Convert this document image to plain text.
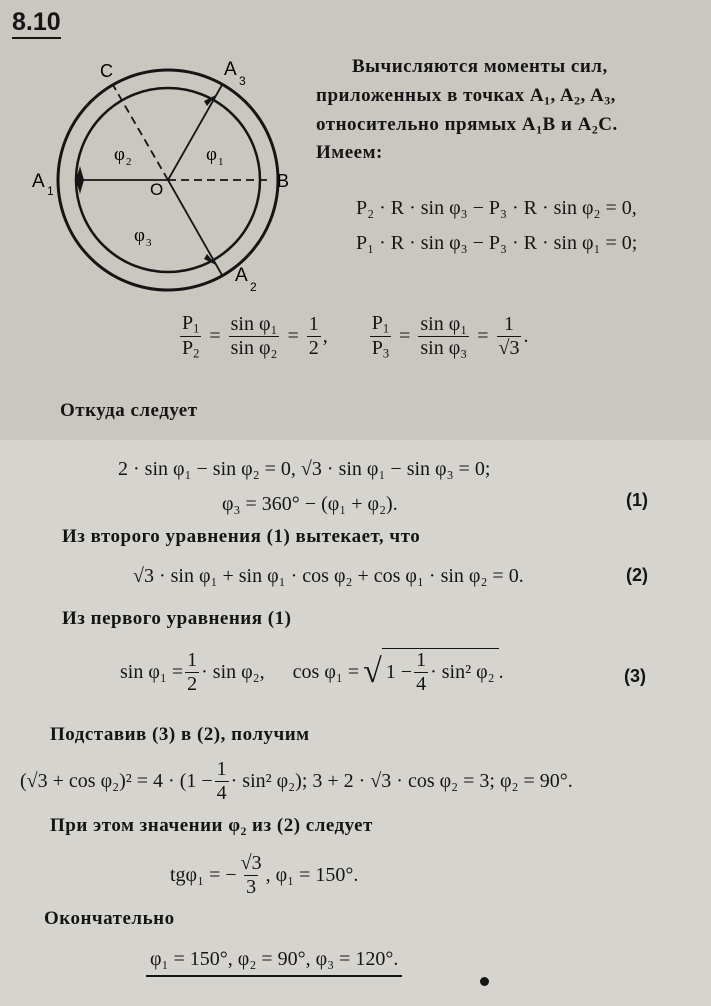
8.10
O
C
B
A
3
A 1
A
2
φ 2	φ 1
φ 3
Вычисляются моменты сил,
приложенных в точках $A_1$, $A_2$, $A_3$,
относительно прямых $A_1B$ и $A_2C$.
Имеем:
P₂ · R · sin φ₃ − P₃ · R · sin φ₂ = 0,
P₁ · R · sin φ₃ − P₃ · R · sin φ₁ = 0;
$\frac{P_1}{P_2} = \frac{\text{sin φ₁}}{\text{sin φ₂}} = \frac{1}{2}$ , $\frac{P_1}{P_3} = \frac{\text{sin φ₁}}{\text{sin φ₃}} = \frac{1}{√3}$ .
Откуда следует
2 · sin φ₁ − sin φ₂ = 0, √3 · sin φ₁ − sin φ₃ = 0;
φ₃ = 360° − (φ₁ + φ₂).	(1)
Из второго уравнения (1) вытекает, что
√3 · sin φ₁ + sin φ₁ · cos φ₂ + cos φ₁ · sin φ₂ = 0.	(2)
Из первого уравнения (1)
$\sin \varphi_1 = \frac{1}{2} \cdot \sin \varphi_2$, cos φ₁ = √ $1 - \frac{1}{4} \cdot \sin^2$ φ₂ .	(3)
Подставив (3) в (2), получим
$(√3 + \cos \varphi_2)^2 = 4 \cdot (1 - \frac{1}{4} \cdot \sin^2$ φ₂); 3 + 2 · √3 · cos φ₂ = 3; φ₂ = 90°.
При этом значении φ₂ из (2) следует
tgφ₁ = − $\frac{√3}{3}$ , φ₁ = 150°.
Окончательно
φ₁ = 150°, φ₂ = 90°, φ₃ = 120°.
